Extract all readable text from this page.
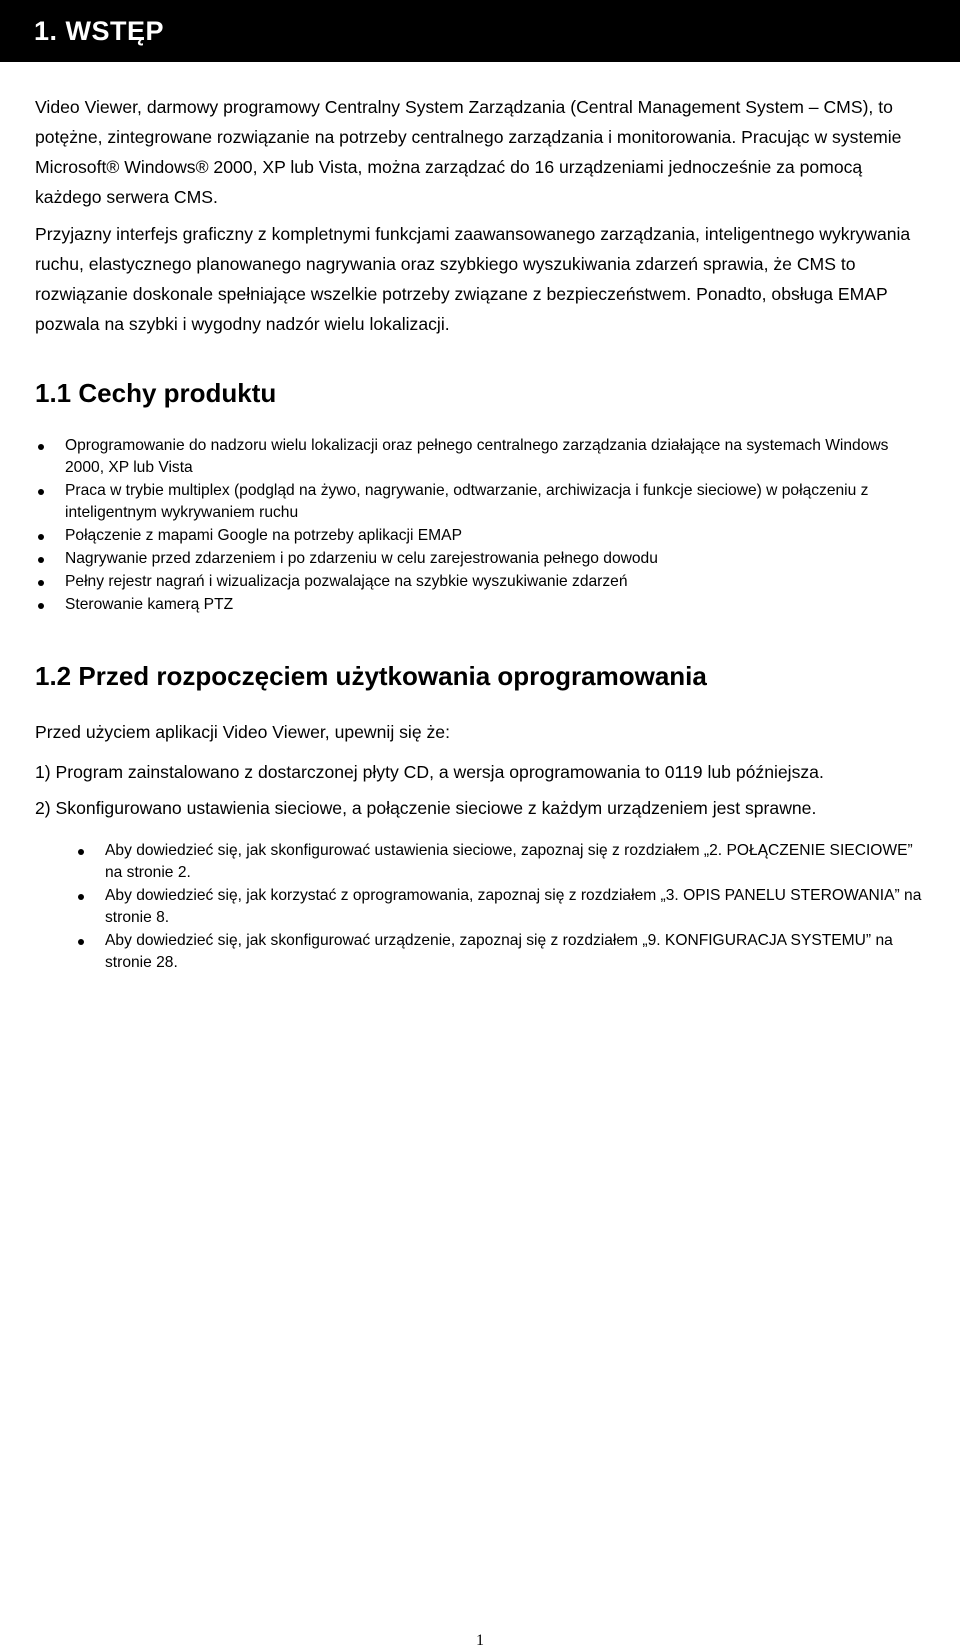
1. WSTĘP

Video Viewer, darmowy programowy Centralny System Zarządzania (Central Management System – CMS), to potężne, zintegrowane rozwiązanie na potrzeby centralnego zarządzania i monitorowania. Pracując w systemie Microsoft® Windows® 2000, XP lub Vista, można zarządzać do 16 urządzeniami jednocześnie za pomocą każdego serwera CMS.

Przyjazny interfejs graficzny z kompletnymi funkcjami zaawansowanego zarządzania, inteligentnego wykrywania ruchu, elastycznego planowanego nagrywania oraz szybkiego wyszukiwania zdarzeń sprawia, że CMS to rozwiązanie doskonale spełniające wszelkie potrzeby związane z bezpieczeństwem. Ponadto, obsługa EMAP pozwala na szybki i wygodny nadzór wielu lokalizacji.

1.1 Cechy produktu
Oprogramowanie do nadzoru wielu lokalizacji oraz pełnego centralnego zarządzania działające na systemach Windows 2000, XP lub Vista
Praca w trybie multiplex (podgląd na żywo, nagrywanie, odtwarzanie, archiwizacja i funkcje sieciowe) w połączeniu z inteligentnym wykrywaniem ruchu
Połączenie z mapami Google na potrzeby aplikacji EMAP
Nagrywanie przed zdarzeniem i po zdarzeniu w celu zarejestrowania pełnego dowodu
Pełny rejestr nagrań i wizualizacja pozwalające na szybkie wyszukiwanie zdarzeń
Sterowanie kamerą PTZ
1.2 Przed rozpoczęciem użytkowania oprogramowania

Przed użyciem aplikacji Video Viewer, upewnij się że:

1) Program zainstalowano z dostarczonej płyty CD, a wersja oprogramowania to 0119 lub późniejsza.

2) Skonfigurowano ustawienia sieciowe, a połączenie sieciowe z każdym urządzeniem jest sprawne.

Aby dowiedzieć się, jak skonfigurować ustawienia sieciowe, zapoznaj się z rozdziałem „2. POŁĄCZENIE SIECIOWE” na stronie 2.
Aby dowiedzieć się, jak korzystać z oprogramowania, zapoznaj się z rozdziałem „3. OPIS PANELU STEROWANIA” na stronie 8.
Aby dowiedzieć się, jak skonfigurować urządzenie, zapoznaj się z rozdziałem „9. KONFIGURACJA SYSTEMU” na stronie 28.
1
